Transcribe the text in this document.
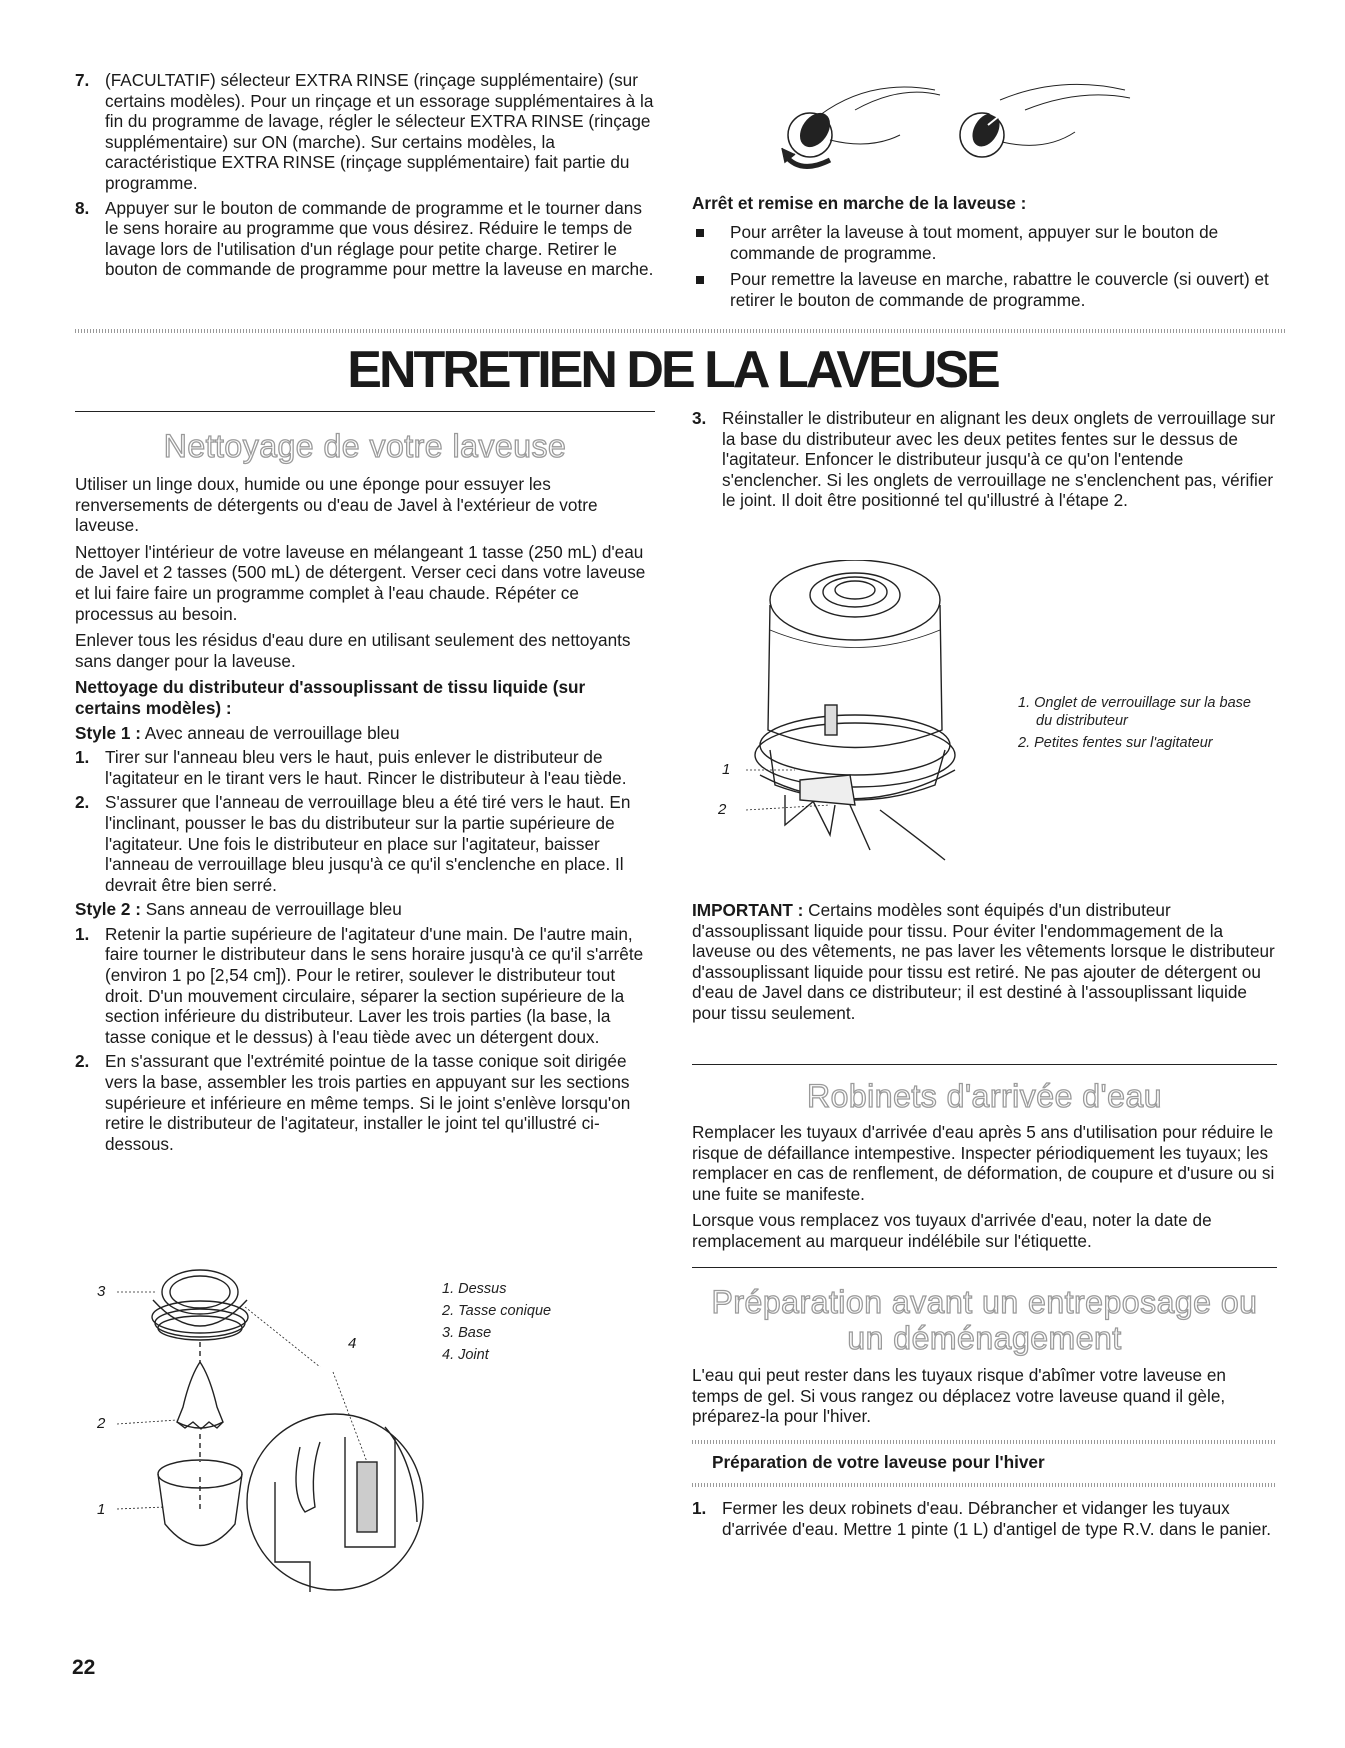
7. (FACULTATIF) sélecteur EXTRA RINSE (rinçage supplémentaire) (sur certains modèles). Pour un rinçage et un essorage supplémentaires à la fin du programme de lavage, régler le sélecteur EXTRA RINSE (rinçage supplémentaire) sur ON (marche). Sur certains modèles, la caractéristique EXTRA RINSE (rinçage supplémentaire) fait partie du programme.
8. Appuyer sur le bouton de commande de programme et le tourner dans le sens horaire au programme que vous désirez. Réduire le temps de lavage lors de l'utilisation d'un réglage pour petite charge. Retirer le bouton de commande de programme pour mettre la laveuse en marche.
Arrêt et remise en marche de la laveuse :
Pour arrêter la laveuse à tout moment, appuyer sur le bouton de commande de programme.
Pour remettre la laveuse en marche, rabattre le couvercle (si ouvert) et retirer le bouton de commande de programme.
ENTRETIEN DE LA LAVEUSE
Nettoyage de votre laveuse

Utiliser un linge doux, humide ou une éponge pour essuyer les renversements de détergents ou d'eau de Javel à l'extérieur de votre laveuse.

Nettoyer l'intérieur de votre laveuse en mélangeant 1 tasse (250 mL) d'eau de Javel et 2 tasses (500 mL) de détergent. Verser ceci dans votre laveuse et lui faire faire un programme complet à l'eau chaude. Répéter ce processus au besoin.

Enlever tous les résidus d'eau dure en utilisant seulement des nettoyants sans danger pour la laveuse.

Nettoyage du distributeur d'assouplissant de tissu liquide (sur certains modèles) :

Style 1 : Avec anneau de verrouillage bleu

1. Tirer sur l'anneau bleu vers le haut, puis enlever le distributeur de l'agitateur en le tirant vers le haut. Rincer le distributeur à l'eau tiède.
2. S'assurer que l'anneau de verrouillage bleu a été tiré vers le haut. En l'inclinant, pousser le bas du distributeur sur la partie supérieure de l'agitateur. Une fois le distributeur en place sur l'agitateur, baisser l'anneau de verrouillage bleu jusqu'à ce qu'il s'enclenche en place. Il devrait être bien serré.

Style 2 : Sans anneau de verrouillage bleu

1. Retenir la partie supérieure de l'agitateur d'une main. De l'autre main, faire tourner le distributeur dans le sens horaire jusqu'à ce qu'il s'arrête (environ 1 po [2,54 cm]). Pour le retirer, soulever le distributeur tout droit. D'un mouvement circulaire, séparer la section supérieure de la section inférieure du distributeur. Laver les trois parties (la base, la tasse conique et le dessus) à l'eau tiède avec un détergent doux.
2. En s'assurant que l'extrémité pointue de la tasse conique soit dirigée vers la base, assembler les trois parties en appuyant sur les sections supérieure et inférieure en même temps. Si le joint s'enlève lorsqu'on retire le distributeur de l'agitateur, installer le joint tel qu'illustré ci-dessous.
3
4
2
1
1. Dessus
2. Tasse conique
3. Base
4. Joint
3. Réinstaller le distributeur en alignant les deux onglets de verrouillage sur la base du distributeur avec les deux petites fentes sur le dessus de l'agitateur. Enfoncer le distributeur jusqu'à ce qu'on l'entende s'enclencher. Si les onglets de verrouillage ne s'enclenchent pas, vérifier le joint. Il doit être positionné tel qu'illustré à l'étape 2.
1
2
1. Onglet de verrouillage sur la base du distributeur
2. Petites fentes sur l'agitateur

IMPORTANT : Certains modèles sont équipés d'un distributeur d'assouplissant liquide pour tissu. Pour éviter l'endommagement de la laveuse ou des vêtements, ne pas laver les vêtements lorsque le distributeur d'assouplissant liquide pour tissu est retiré. Ne pas ajouter de détergent ou d'eau de Javel dans ce distributeur; il est destiné à l'assouplissant liquide pour tissu seulement.

Robinets d'arrivée d'eau

Remplacer les tuyaux d'arrivée d'eau après 5 ans d'utilisation pour réduire le risque de défaillance intempestive. Inspecter périodiquement les tuyaux; les remplacer en cas de renflement, de déformation, de coupure et d'usure ou si une fuite se manifeste.

Lorsque vous remplacez vos tuyaux d'arrivée d'eau, noter la date de remplacement au marqueur indélébile sur l'étiquette.

Préparation avant un entreposage ou
un déménagement

L'eau qui peut rester dans les tuyaux risque d'abîmer votre laveuse en temps de gel. Si vous rangez ou déplacez votre laveuse quand il gèle, préparez-la pour l'hiver.

Préparation de votre laveuse pour l'hiver
1. Fermer les deux robinets d'eau. Débrancher et vidanger les tuyaux d'arrivée d'eau. Mettre 1 pinte (1 L) d'antigel de type R.V. dans le panier.
22
